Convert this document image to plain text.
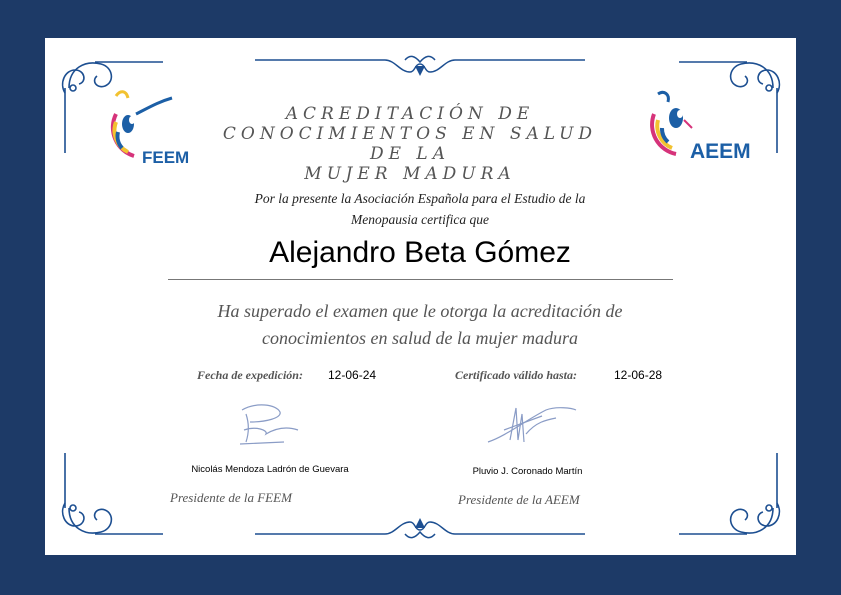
FEEM	AEEM
ACREDITACIÓN DE
CONOCIMIENTOS EN SALUD DE LA
MUJER MADURA
Por la presente la Asociación Española para el Estudio de la
Menopausia certifica que
Alejandro Beta Gómez
Ha superado el examen que le otorga la acreditación de
conocimientos en salud de la mujer madura
Fecha de expedición: 12-06-24	Certificado válido hasta:	12-06-28
Nicolás Mendoza Ladrón de Guevara	Pluvio J. Coronado Martín
Presidente de la FEEM	Presidente de la AEEM
